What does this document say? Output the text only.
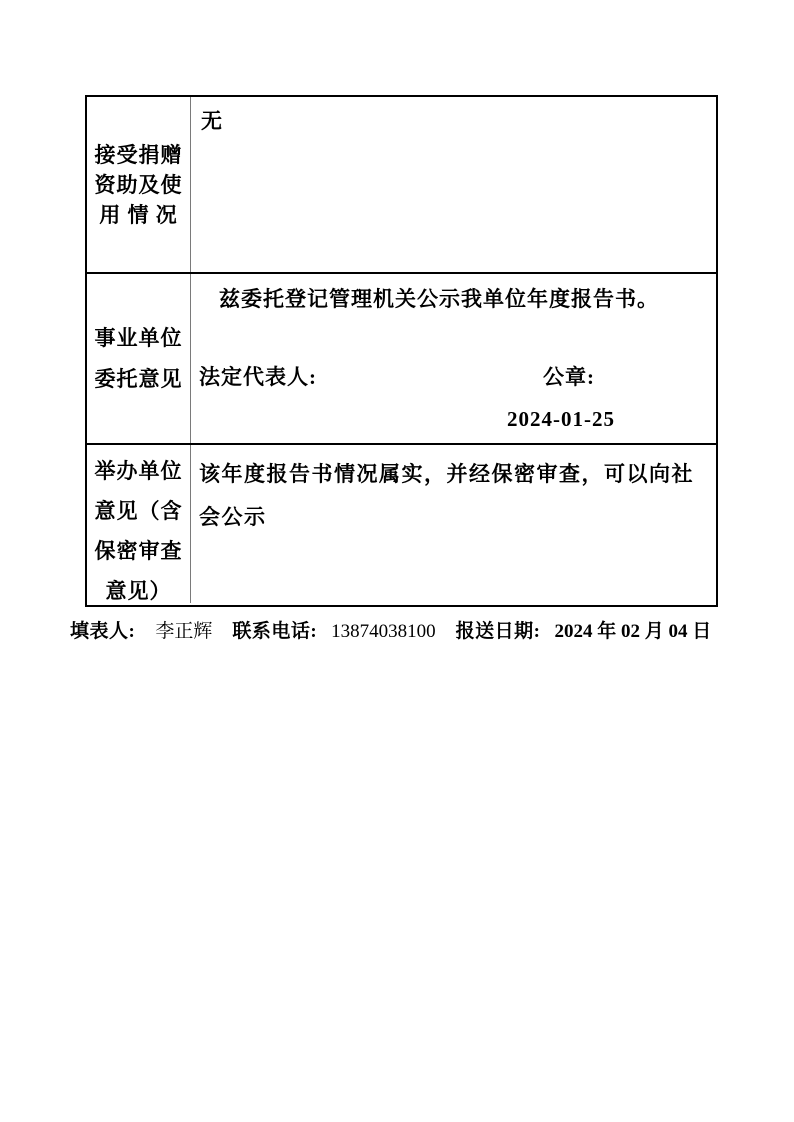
接受捐赠
资助及使
用 情 况
无
事业单位
委托意见
兹委托登记管理机关公示我单位年度报告书。
法定代表人:	公章:
2024-01-25
举办单位
意见（含
保密审查
意见）
该年度报告书情况属实，并经保密审查，可以向社会公示
填表人: 李正辉 联系电话: 13874038100 报送日期: 2024 年 02 月 04 日
